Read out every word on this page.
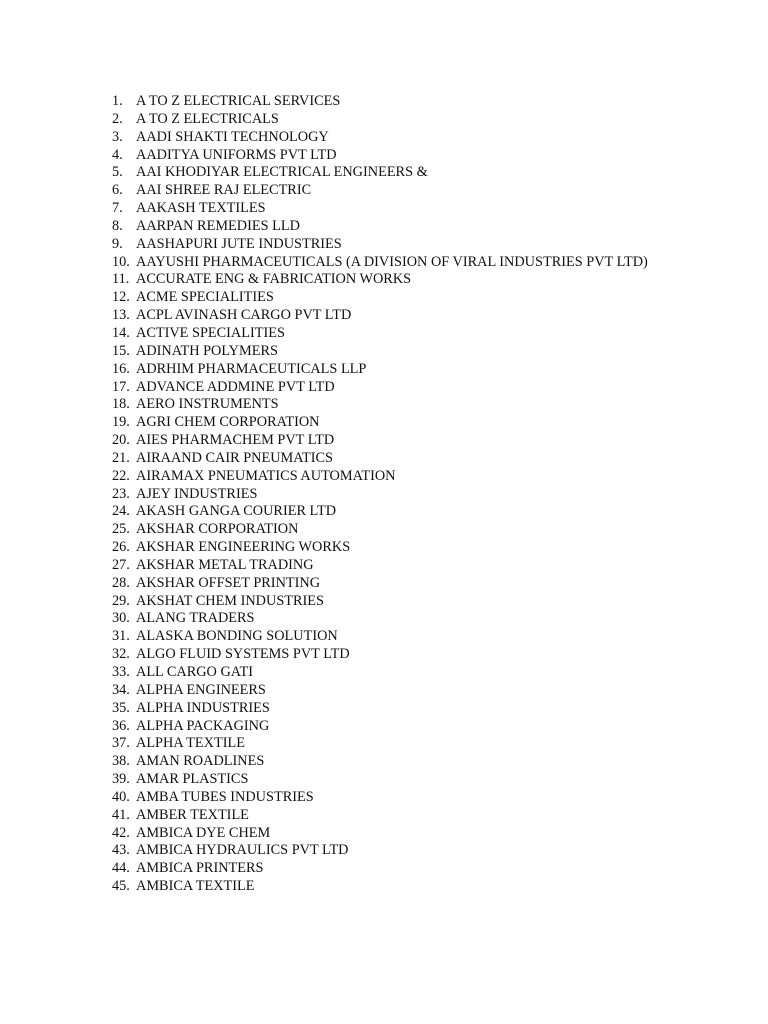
1. A TO Z ELECTRICAL SERVICES
2. A TO Z ELECTRICALS
3. AADI SHAKTI TECHNOLOGY
4. AADITYA UNIFORMS PVT LTD
5. AAI KHODIYAR ELECTRICAL ENGINEERS &
6. AAI SHREE RAJ ELECTRIC
7. AAKASH TEXTILES
8. AARPAN REMEDIES LLD
9. AASHAPURI JUTE INDUSTRIES
10. AAYUSHI PHARMACEUTICALS (A DIVISION OF VIRAL INDUSTRIES PVT LTD)
11. ACCURATE ENG & FABRICATION WORKS
12. ACME SPECIALITIES
13. ACPL AVINASH CARGO PVT LTD
14. ACTIVE SPECIALITIES
15. ADINATH POLYMERS
16. ADRHIM PHARMACEUTICALS LLP
17. ADVANCE ADDMINE PVT LTD
18. AERO INSTRUMENTS
19. AGRI CHEM CORPORATION
20. AIES PHARMACHEM PVT LTD
21. AIRAAND CAIR PNEUMATICS
22. AIRAMAX PNEUMATICS AUTOMATION
23. AJEY INDUSTRIES
24. AKASH GANGA COURIER LTD
25. AKSHAR CORPORATION
26. AKSHAR ENGINEERING WORKS
27. AKSHAR METAL TRADING
28. AKSHAR OFFSET PRINTING
29. AKSHAT CHEM INDUSTRIES
30. ALANG TRADERS
31. ALASKA BONDING SOLUTION
32. ALGO FLUID SYSTEMS PVT LTD
33. ALL CARGO GATI
34. ALPHA ENGINEERS
35. ALPHA INDUSTRIES
36. ALPHA PACKAGING
37. ALPHA TEXTILE
38. AMAN ROADLINES
39. AMAR PLASTICS
40. AMBA TUBES INDUSTRIES
41. AMBER TEXTILE
42. AMBICA DYE CHEM
43. AMBICA HYDRAULICS PVT LTD
44. AMBICA PRINTERS
45. AMBICA TEXTILE
